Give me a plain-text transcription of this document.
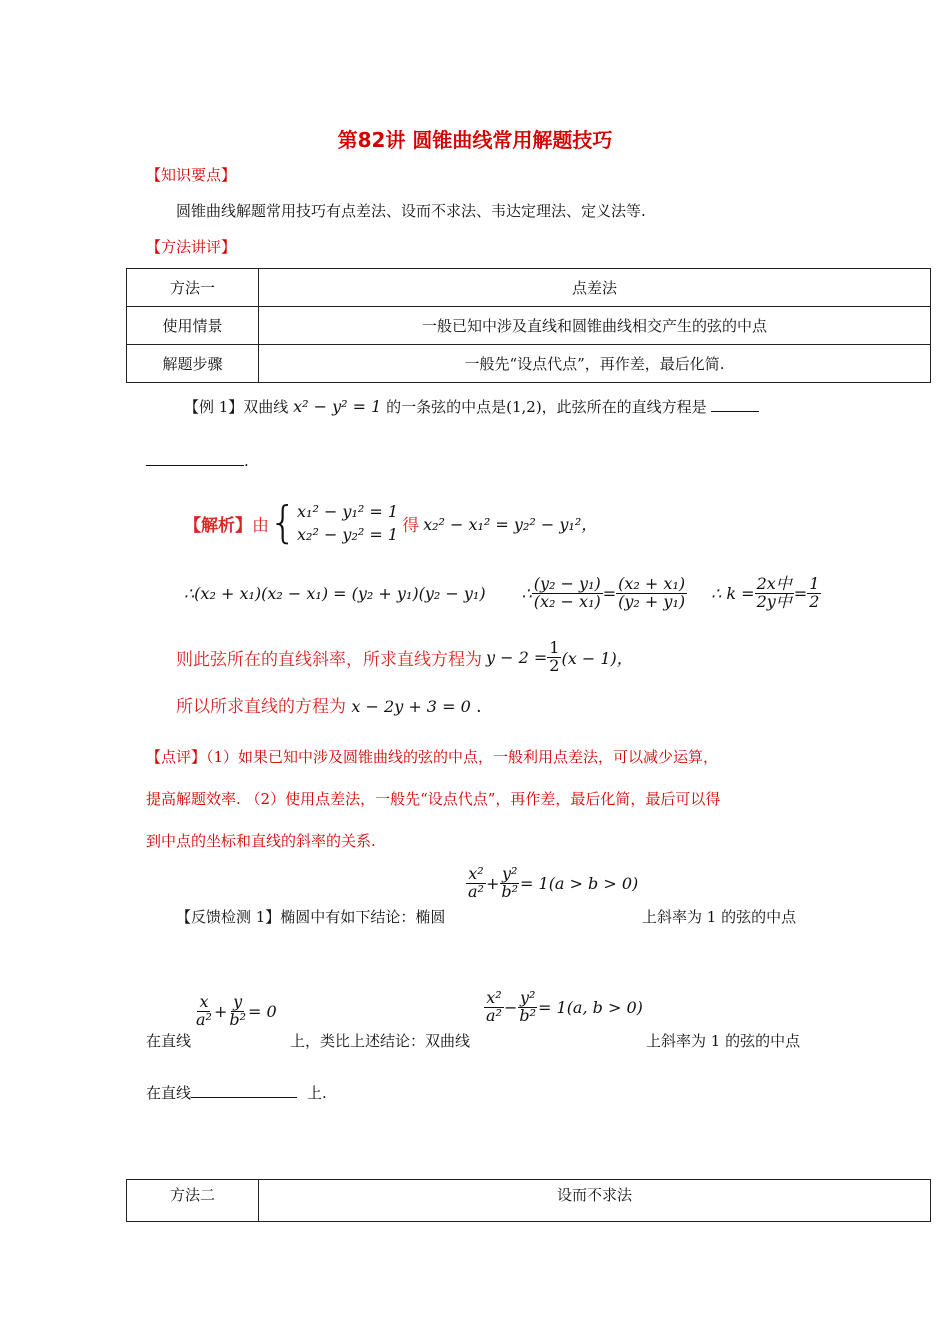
第82讲 圆锥曲线常用解题技巧
【知识要点】
圆锥曲线解题常用技巧有点差法、设而不求法、韦达定理法、定义法等.
【方法讲评】
方法一	点差法
使用情景	一般已知中涉及直线和圆锥曲线相交产生的弦的中点
解题步骤	一般先“设点代点”，再作差，最后化简.
【例 1】双曲线 x² − y² = 1 的一条弦的中点是(1,2)，此弦所在的直线方程是
.
【解析】 由 { x₁² − y₁² = 1
x₂² − y₂² = 1 得 x₂² − x₁² = y₂² − y₁²，
∴(x₂ + x₁)(x₂ − x₁) = (y₂ + y₁)(y₂ − y₁) ∴ $\frac{\text{(y₂ − y₁)}}{\text{(x₂ − x₁)}} = \frac{\text{(x₂ + x₁)}}{\text{(y₂ + y₁)}}$ ∴ $k = \frac{\text{2x中}}{\text{2y中}} = \frac{1}{2}$
则此弦所在的直线斜率，所求直线方程为 $y - 2 = \frac{1}{2} (x - 1)$，
所以所求直线的方程为 x − 2y + 3 = 0 .
【点评】（1）如果已知中涉及圆锥曲线的弦的中点，一般利用点差法，可以减少运算，
提高解题效率. （2）使用点差法，一般先“设点代点”，再作差，最后化简，最后可以得
到中点的坐标和直线的斜率的关系.
【反馈检测 1】椭圆中有如下结论：椭圆
$\frac{\text{x²}}{\text{a²}} + \frac{\text{y²}}{\text{b²}} = 1(a > b > 0)$
上斜率为 1 的弦的中点
在直线
$\frac{x}{\text{a²}} + \frac{y}{\text{b²}} = 0$
上，类比上述结论：双曲线
$\frac{\text{x²}}{\text{a²}} - \frac{\text{y²}}{\text{b²}} = 1(a$, b > 0)
上斜率为 1 的弦的中点
在直线	上.
方法二	设而不求法
